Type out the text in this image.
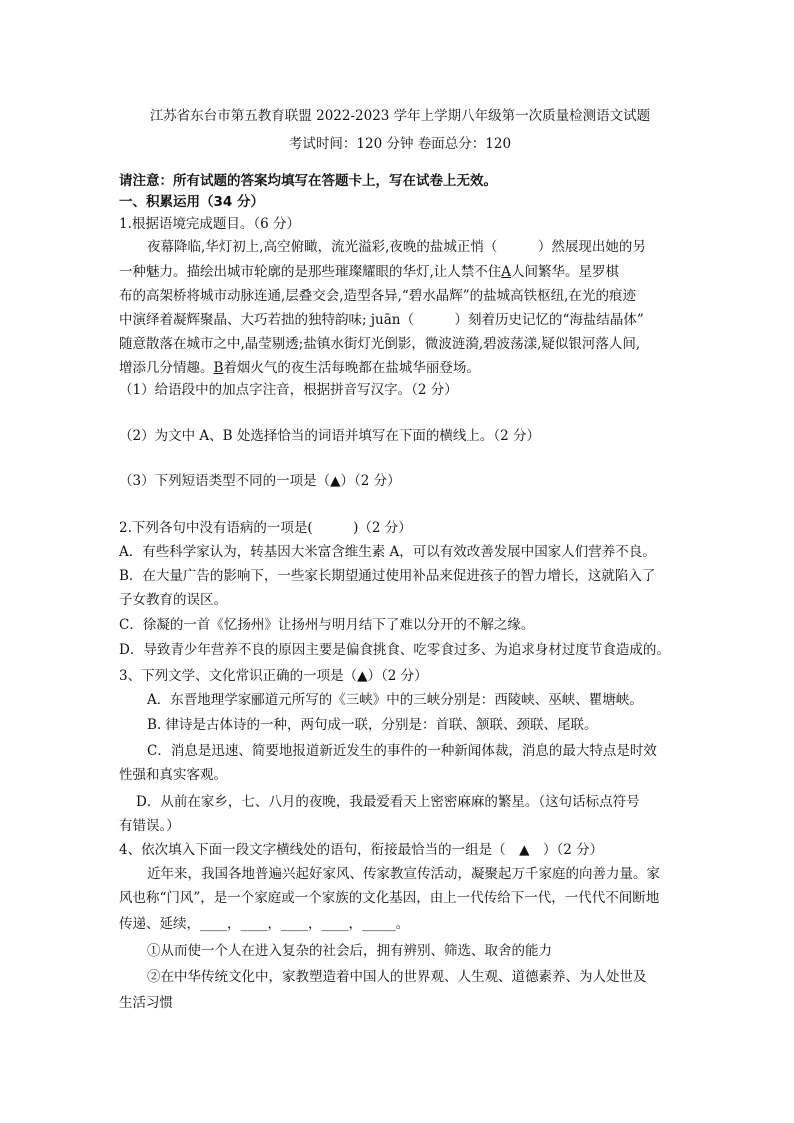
江苏省东台市第五教育联盟 2022-2023 学年上学期八年级第一次质量检测语文试题
考试时间：120 分钟 卷面总分：120
请注意：所有试题的答案均填写在答题卡上，写在试卷上无效。
一、积累运用（34 分）
1.根据语境完成题目。（6 分）
夜幕降临,华灯初上,高空俯瞰，流光溢彩,夜晚的盐城正悄（　　　）然展现出她的另
一种魅力。描绘出城市轮廓的是那些璀璨耀眼的华灯,让人禁不住A人间繁华。星罗棋
布的高架桥将城市动脉连通,层叠交会,造型各异,“碧水晶辉”的盐城高铁枢纽,在光的痕迹
中演绎着凝辉聚晶、大巧若拙的独特韵味; juān（　　　）刻着历史记忆的“海盐结晶体”
随意散落在城市之中,晶莹剔透;盐镇水街灯光倒影，微波涟漪,碧波荡漾,疑似银河落人间,
增添几分情趣。B着烟火气的夜生活每晚都在盐城华丽登场。
（1）给语段中的加点字注音，根据拼音写汉字。（2 分）
（2）为文中 A、B 处选择恰当的词语并填写在下面的横线上。（2 分）
（3）下列短语类型不同的一项是（▲）（2 分）
2.下列各句中没有语病的一项是(　　　)（2 分）
A．有些科学家认为，转基因大米富含维生素 A，可以有效改善发展中国家人们营养不良。
B．在大量广告的影响下，一些家长期望通过使用补品来促进孩子的智力增长，这就陷入了
子女教育的误区。
C．徐凝的一首《忆扬州》让扬州与明月结下了难以分开的不解之缘。
D．导致青少年营养不良的原因主要是偏食挑食、吃零食过多、为追求身材过度节食造成的。
3、下列文学、文化常识正确的一项是（▲）（2 分）
A．东晋地理学家郦道元所写的《三峡》中的三峡分别是：西陵峡、巫峡、瞿塘峡。
B. 律诗是古体诗的一种，两句成一联，分别是：首联、颔联、颈联、尾联。
C．消息是迅速、简要地报道新近发生的事件的一种新闻体裁，消息的最大特点是时效
性强和真实客观。
D．从前在家乡，七、八月的夜晚，我最爱看天上密密麻麻的繁星。（这句话标点符号
有错误。）
4、依次填入下面一段文字横线处的语句，衔接最恰当的一组是（　▲　）（2 分）
近年来，我国各地普遍兴起好家风、传家教宣传活动，凝聚起万千家庭的向善力量。家
风也称“门风”，是一个家庭或一个家族的文化基因，由上一代传给下一代，一代代不间断地
传递、延续，____，____，____，____，_____。
①从而使一个人在进入复杂的社会后，拥有辨别、筛选、取舍的能力
②在中华传统文化中，家教塑造着中国人的世界观、人生观、道德素养、为人处世及
生活习惯
